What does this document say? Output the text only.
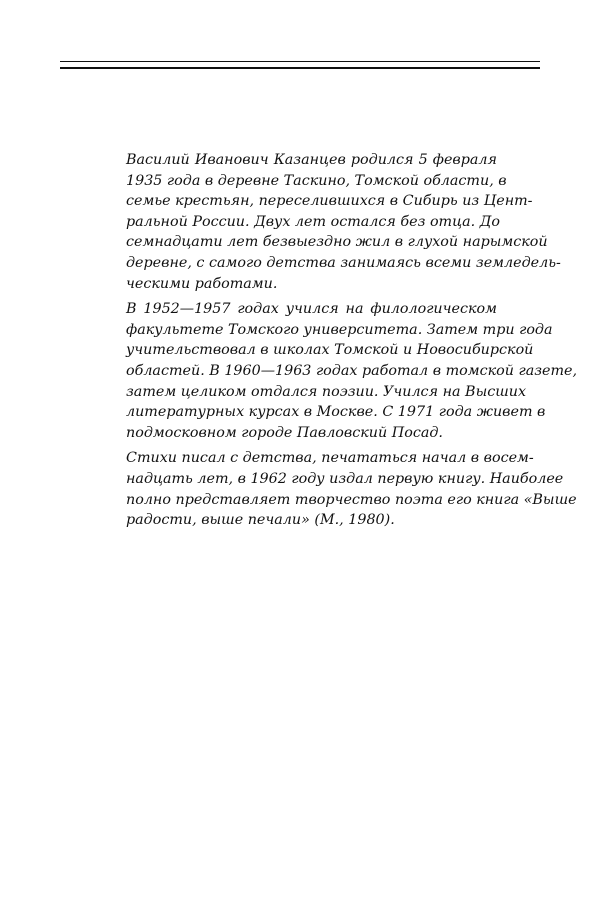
Василий Иванович Казанцев родился 5 февраля
1935 года в деревне Таскино, Томской области, в
семье крестьян, переселившихся в Сибирь из Цент-
ральной России. Двух лет остался без отца. До
семнадцати лет безвыездно жил в глухой нарымской
деревне, с самого детства занимаясь всеми земледель-
ческими работами.

В 1952—1957 годах учился на филологическом
факультете Томского университета. Затем три года
учительствовал в школах Томской и Новосибирской
областей. В 1960—1963 годах работал в томской газете,
затем целиком отдался поэзии. Учился на Высших
литературных курсах в Москве. С 1971 года живет в
подмосковном городе Павловский Посад.

Стихи писал с детства, печататься начал в восем-
надцать лет, в 1962 году издал первую книгу. Наиболее
полно представляет творчество поэта его книга «Выше
радости, выше печали» (М., 1980).
